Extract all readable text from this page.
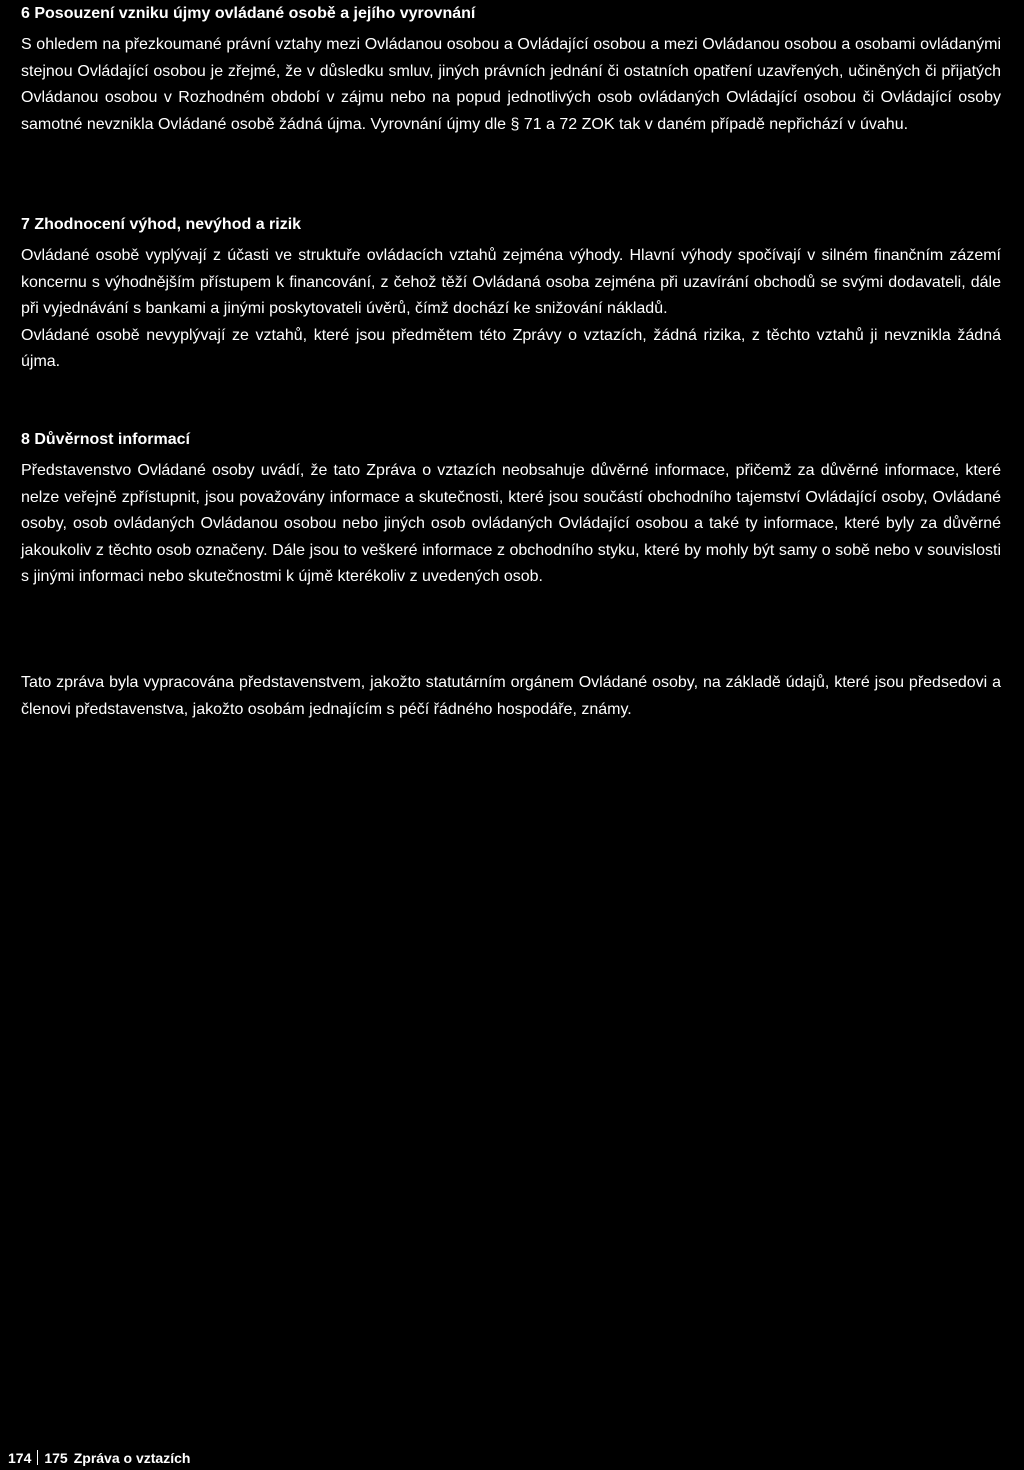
6 Posouzení vzniku újmy ovládané osobě a jejího vyrovnání

S ohledem na přezkoumané právní vztahy mezi Ovládanou osobou a Ovládající osobou a mezi Ovládanou osobou a osobami ovládanými stejnou Ovládající osobou je zřejmé, že v důsledku smluv, jiných právních jednání či ostatních opatření uzavřených, učiněných či přijatých Ovládanou osobou v Rozhodném období v zájmu nebo na popud jednotlivých osob ovládaných Ovládající osobou či Ovládající osoby samotné nevznikla Ovládané osobě žádná újma. Vyrovnání újmy dle § 71 a 72 ZOK tak v daném případě nepřichází v úvahu.

7 Zhodnocení výhod, nevýhod a rizik

Ovládané osobě vyplývají z účasti ve struktuře ovládacích vztahů zejména výhody. Hlavní výhody spočívají v silném finančním zázemí koncernu s výhodnějším přístupem k financování, z čehož těží Ovládaná osoba zejména při uzavírání obchodů se svými dodavateli, dále při vyjednávání s bankami a jinými poskytovateli úvěrů, čímž dochází ke snižování nákladů.

Ovládané osobě nevyplývají ze vztahů, které jsou předmětem této Zprávy o vztazích, žádná rizika, z těchto vztahů ji nevznikla žádná újma.

8 Důvěrnost informací

Představenstvo Ovládané osoby uvádí, že tato Zpráva o vztazích neobsahuje důvěrné informace, přičemž za důvěrné informace, které nelze veřejně zpřístupnit, jsou považovány informace a skutečnosti, které jsou součástí obchodního tajemství Ovládající osoby, Ovládané osoby, osob ovládaných Ovládanou osobou nebo jiných osob ovládaných Ovládající osobou a také ty informace, které byly za důvěrné jakoukoliv z těchto osob označeny. Dále jsou to veškeré informace z obchodního styku, které by mohly být samy o sobě nebo v souvislosti s jinými informaci nebo skutečnostmi k újmě kterékoliv z uvedených osob.

Tato zpráva byla vypracována představenstvem, jakožto statutárním orgánem Ovládané osoby, na základě údajů, které jsou předsedovi a členovi představenstva, jakožto osobám jednajícím s péčí řádného hospodáře, známy.

174 175 Zpráva o vztazích
